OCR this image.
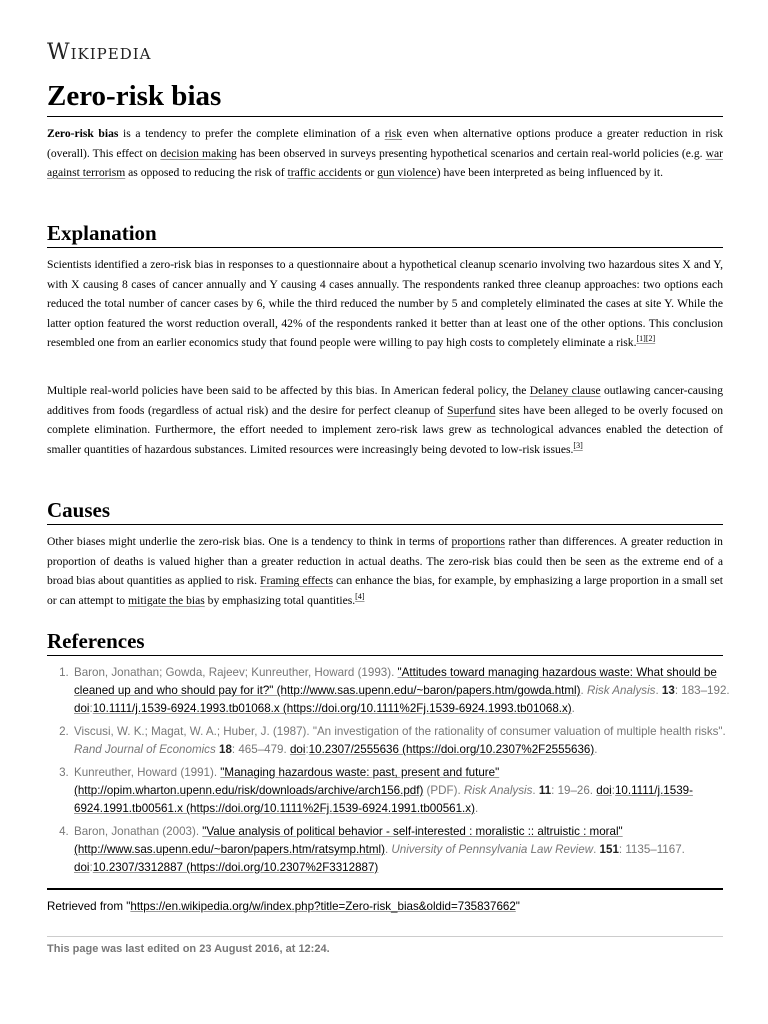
Wikipedia
Zero-risk bias

Zero-risk bias is a tendency to prefer the complete elimination of a risk even when alternative options produce a greater reduction in risk (overall). This effect on decision making has been observed in surveys presenting hypothetical scenarios and certain real-world policies (e.g. war against terrorism as opposed to reducing the risk of traffic accidents or gun violence) have been interpreted as being influenced by it.

Explanation

Scientists identified a zero-risk bias in responses to a questionnaire about a hypothetical cleanup scenario involving two hazardous sites X and Y, with X causing 8 cases of cancer annually and Y causing 4 cases annually. The respondents ranked three cleanup approaches: two options each reduced the total number of cancer cases by 6, while the third reduced the number by 5 and completely eliminated the cases at site Y. While the latter option featured the worst reduction overall, 42% of the respondents ranked it better than at least one of the other options. This conclusion resembled one from an earlier economics study that found people were willing to pay high costs to completely eliminate a risk.[1][2]

Multiple real-world policies have been said to be affected by this bias. In American federal policy, the Delaney clause outlawing cancer-causing additives from foods (regardless of actual risk) and the desire for perfect cleanup of Superfund sites have been alleged to be overly focused on complete elimination. Furthermore, the effort needed to implement zero-risk laws grew as technological advances enabled the detection of smaller quantities of hazardous substances. Limited resources were increasingly being devoted to low-risk issues.[3]

Causes

Other biases might underlie the zero-risk bias. One is a tendency to think in terms of proportions rather than differences. A greater reduction in proportion of deaths is valued higher than a greater reduction in actual deaths. The zero-risk bias could then be seen as the extreme end of a broad bias about quantities as applied to risk. Framing effects can enhance the bias, for example, by emphasizing a large proportion in a small set or can attempt to mitigate the bias by emphasizing total quantities.[4]

References
1. Baron, Jonathan; Gowda, Rajeev; Kunreuther, Howard (1993). "Attitudes toward managing hazardous waste: What should be cleaned up and who should pay for it?" (http://www.sas.upenn.edu/~baron/papers.htm/gowda.html). Risk Analysis. 13: 183–192. doi:10.1111/j.1539-6924.1993.tb01068.x (https://doi.org/10.1111%2Fj.1539-6924.1993.tb01068.x).
2. Viscusi, W. K.; Magat, W. A.; Huber, J. (1987). "An investigation of the rationality of consumer valuation of multiple health risks". Rand Journal of Economics 18: 465–479. doi:10.2307/2555636 (https://doi.org/10.2307%2F2555636).
3. Kunreuther, Howard (1991). "Managing hazardous waste: past, present and future" (http://opim.wharton.upenn.edu/risk/downloads/archive/arch156.pdf) (PDF). Risk Analysis. 11: 19–26. doi:10.1111/j.1539-6924.1991.tb00561.x (https://doi.org/10.1111%2Fj.1539-6924.1991.tb00561.x).
4. Baron, Jonathan (2003). "Value analysis of political behavior - self-interested : moralistic :: altruistic : moral" (http://www.sas.upenn.edu/~baron/papers.htm/ratsymp.html). University of Pennsylvania Law Review. 151: 1135–1167. doi:10.2307/3312887 (https://doi.org/10.2307%2F3312887)
Retrieved from "https://en.wikipedia.org/w/index.php?title=Zero-risk_bias&oldid=735837662"
This page was last edited on 23 August 2016, at 12:24.
